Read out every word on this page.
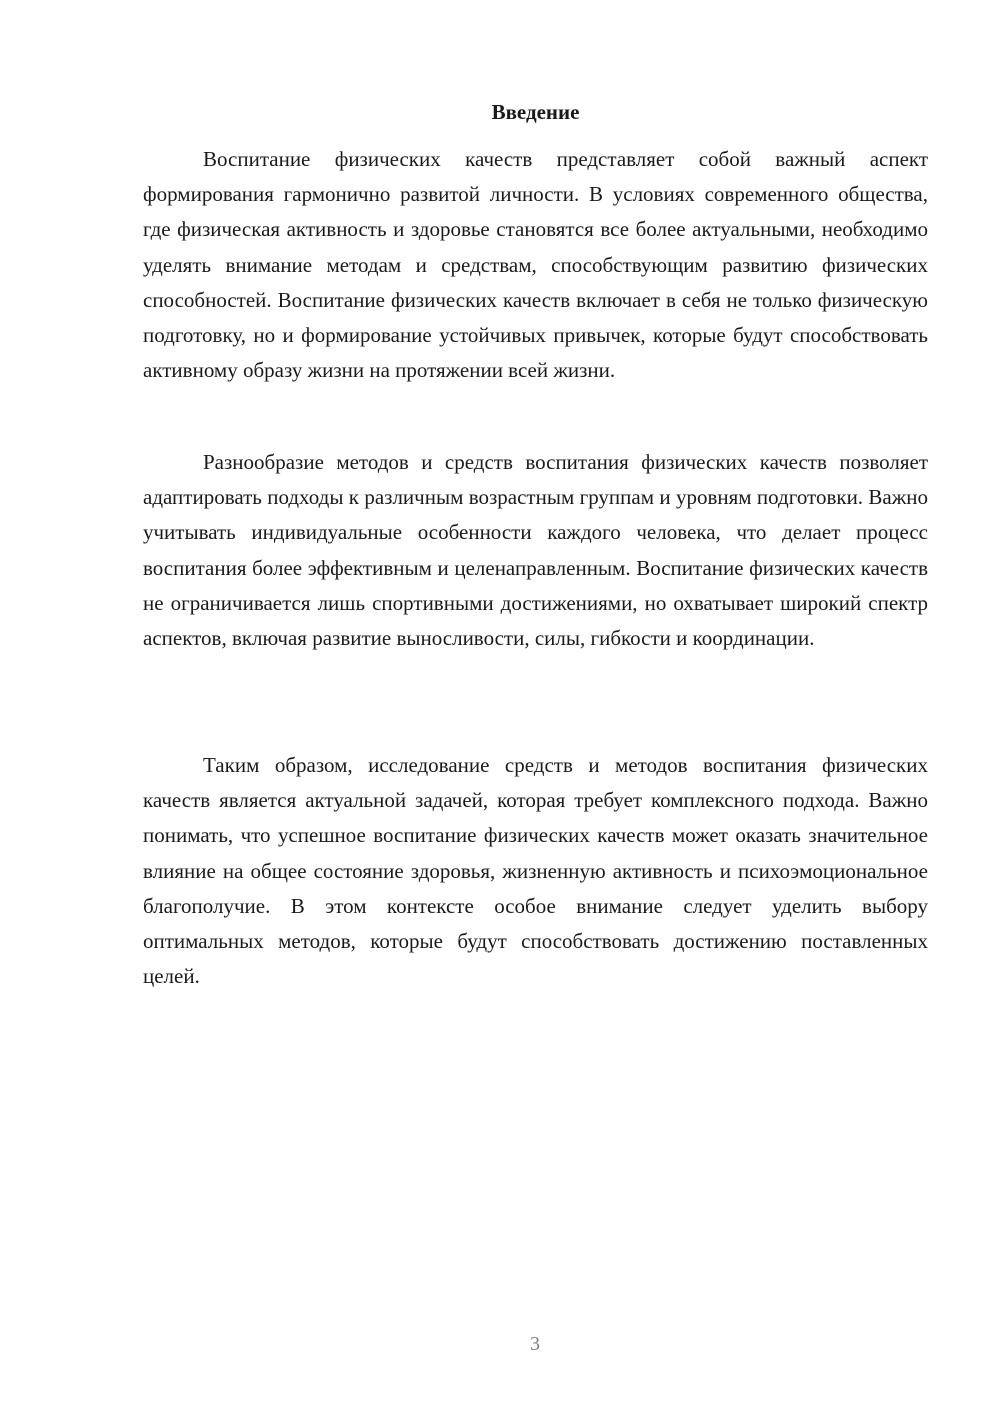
Введение

Воспитание физических качеств представляет собой важный аспект формирования гармонично развитой личности. В условиях современного общества, где физическая активность и здоровье становятся все более актуальными, необходимо уделять внимание методам и средствам, способствующим развитию физических способностей. Воспитание физических качеств включает в себя не только физическую подготовку, но и формирование устойчивых привычек, которые будут способствовать активному образу жизни на протяжении всей жизни.

Разнообразие методов и средств воспитания физических качеств позволяет адаптировать подходы к различным возрастным группам и уровням подготовки. Важно учитывать индивидуальные особенности каждого человека, что делает процесс воспитания более эффективным и целенаправленным. Воспитание физических качеств не ограничивается лишь спортивными достижениями, но охватывает широкий спектр аспектов, включая развитие выносливости, силы, гибкости и координации.

Таким образом, исследование средств и методов воспитания физических качеств является актуальной задачей, которая требует комплексного подхода. Важно понимать, что успешное воспитание физических качеств может оказать значительное влияние на общее состояние здоровья, жизненную активность и психоэмоциональное благополучие. В этом контексте особое внимание следует уделить выбору оптимальных методов, которые будут способствовать достижению поставленных целей.

3
